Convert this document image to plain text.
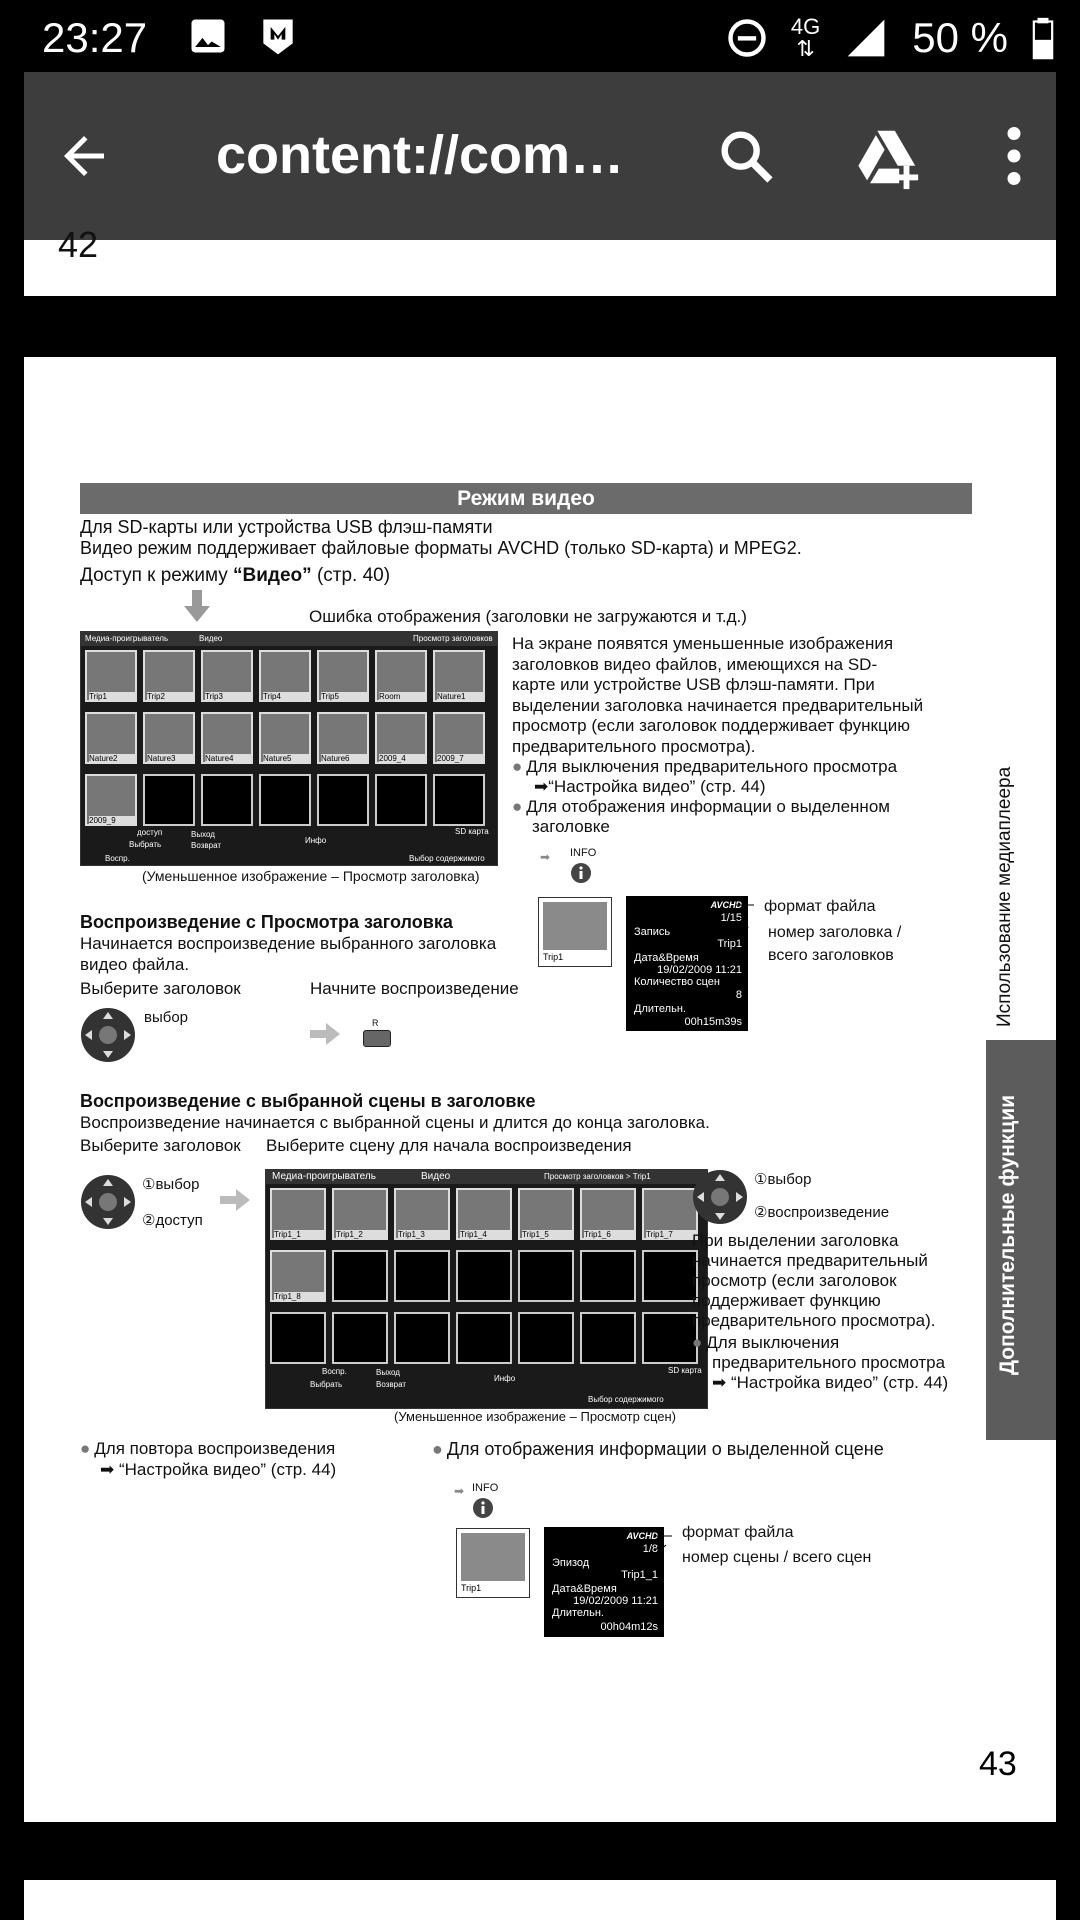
23:27	4G
⇅ 50 %
content://com…
42
Режим видео
Для SD-карты или устройства USB флэш-памяти
Видео режим поддерживает файловые форматы AVCHD (только SD-карта) и MPEG2.
Доступ к режиму “Видео” (стр. 40)
Ошибка отображения (заголовки не загружаются и т.д.)
Медиа-проигрыватель	Видео	Просмотр заголовков
Trip1	Trip2	Trip3	Trip4	Trip5	Room	Nature1
Nature2	Nature3	Nature4	Nature5	Nature6	2009_4	2009_7
2009_9
доступ
Выбрать
Выход
Возврат
Инфо
SD карта
Воспр.	Выбор содержимого
(Уменьшенное изображение – Просмотр заголовка)
На экране появятся уменьшенные изображения
заголовков видео файлов, имеющихся на SD-
карте или устройстве USB флэш-памяти. При
выделении заголовка начинается предварительный
просмотр (если заголовок поддерживает функцию
предварительного просмотра).
● Для выключения предварительного просмотра
➡“Настройка видео” (стр. 44)
● Для отображения информации о выделенном
заголовке
➡ INFO
Trip1
AVCHD
1/15
Запись
Trip1
Дата&Время
19/02/2009 11:21
Количество сцен
8
Длительн.
00h15m39s
формат файла
номер заголовка /
всего заголовков
Воспроизведение с Просмотра заголовка
Начинается воспроизведение выбранного заголовка
видео файла.
Выберите заголовок	Начните воспроизведение
выбор	R
Воспроизведение с выбранной сцены в заголовке
Воспроизведение начинается с выбранной сцены и длится до конца заголовка.
Выберите заголовок Выберите сцену для начала воспроизведения
①выбор
②доступ
Медиа-проигрыватель	Видео	Просмотр заголовков > Trip1
Trip1_1	Trip1_2	Trip1_3	Trip1_4	Trip1_5	Trip1_6	Trip1_7
Trip1_8
Воспр.
Выбрать
Выход
Возврат
Инфо
SD карта
Выбор содержимого
(Уменьшенное изображение – Просмотр сцен)
①выбор
②воспроизведение
При выделении заголовка
начинается предварительный
просмотр (если заголовок
поддерживает функцию
предварительного просмотра).
● Для выключения
предварительного просмотра
➡ “Настройка видео” (стр. 44)
● Для повтора воспроизведения
➡ “Настройка видео” (стр. 44)
● Для отображения информации о выделенной сцене
➡ INFO
Trip1
AVCHD
1/8
Эпизод
Trip1_1
Дата&Время
19/02/2009 11:21
Длительн.
00h04m12s
формат файла
номер сцены / всего сцен
Использование медиаплеера
Дополнительные функции
43
